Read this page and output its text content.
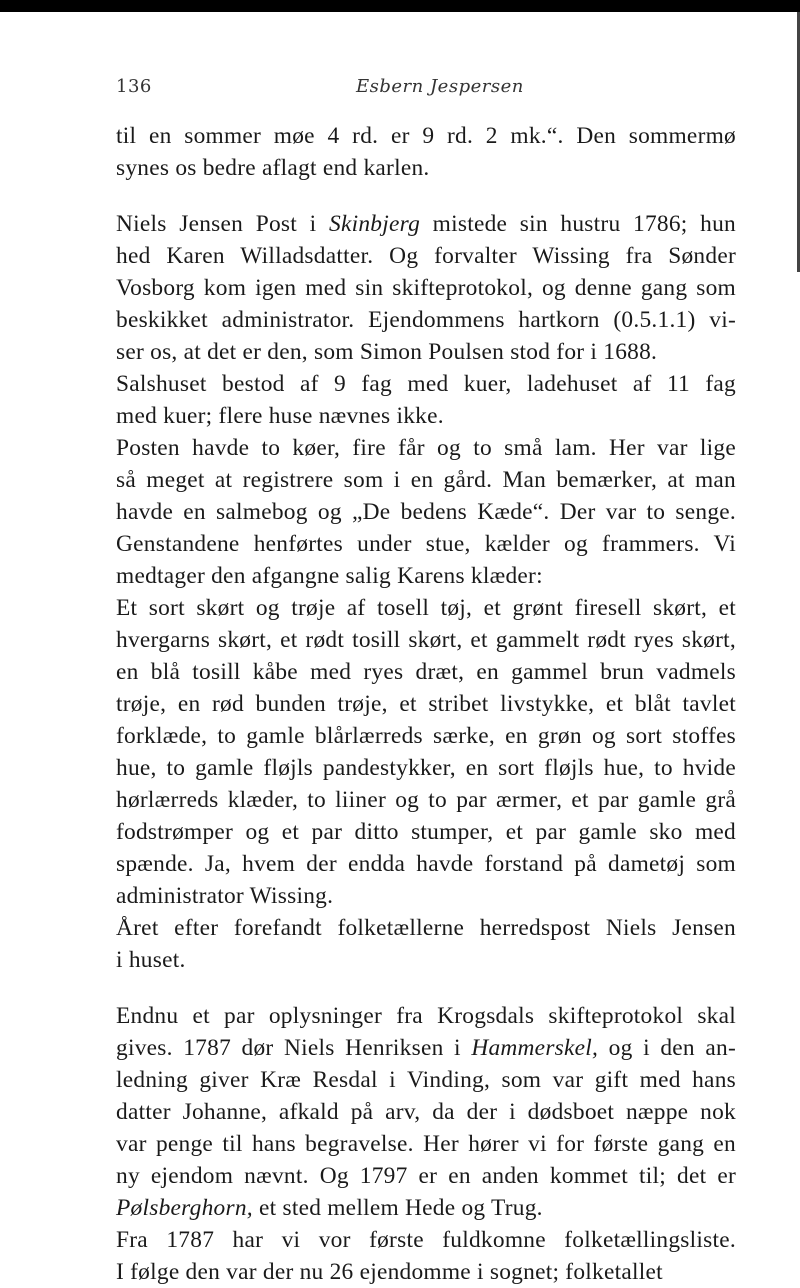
136	Esbern Jespersen
til en sommer møe 4 rd. er 9 rd. 2 mk.“. Den sommermø
synes os bedre aflagt end karlen.
Niels Jensen Post i Skinbjerg mistede sin hustru 1786; hun
hed Karen Willadsdatter. Og forvalter Wissing fra Sønder
Vosborg kom igen med sin skifteprotokol, og denne gang som
beskikket administrator. Ejendommens hartkorn (0.5.1.1) vi-
ser os, at det er den, som Simon Poulsen stod for i 1688.
Salshuset bestod af 9 fag med kuer, ladehuset af 11 fag
med kuer; flere huse nævnes ikke.
Posten havde to køer, fire får og to små lam. Her var lige
så meget at registrere som i en gård. Man bemærker, at man
havde en salmebog og „De bedens Kæde“. Der var to senge.
Genstandene henførtes under stue, kælder og frammers. Vi
medtager den afgangne salig Karens klæder:
Et sort skørt og trøje af tosell tøj, et grønt firesell skørt, et
hvergarns skørt, et rødt tosill skørt, et gammelt rødt ryes skørt,
en blå tosill kåbe med ryes dræt, en gammel brun vadmels
trøje, en rød bunden trøje, et stribet livstykke, et blåt tavlet
forklæde, to gamle blårlærreds særke, en grøn og sort stoffes
hue, to gamle fløjls pandestykker, en sort fløjls hue, to hvide
hørlærreds klæder, to liiner og to par ærmer, et par gamle grå
fodstrømper og et par ditto stumper, et par gamle sko med
spænde. Ja, hvem der endda havde forstand på dametøj som
administrator Wissing.
Året efter forefandt folketællerne herredspost Niels Jensen
i huset.
Endnu et par oplysninger fra Krogsdals skifteprotokol skal
gives. 1787 dør Niels Henriksen i Hammerskel, og i den an-
ledning giver Kræ Resdal i Vinding, som var gift med hans
datter Johanne, afkald på arv, da der i dødsboet næppe nok
var penge til hans begravelse. Her hører vi for første gang en
ny ejendom nævnt. Og 1797 er en anden kommet til; det er
Pølsberghorn, et sted mellem Hede og Trug.
Fra 1787 har vi vor første fuldkomne folketællingsliste.
I følge den var der nu 26 ejendomme i sognet; folketallet
